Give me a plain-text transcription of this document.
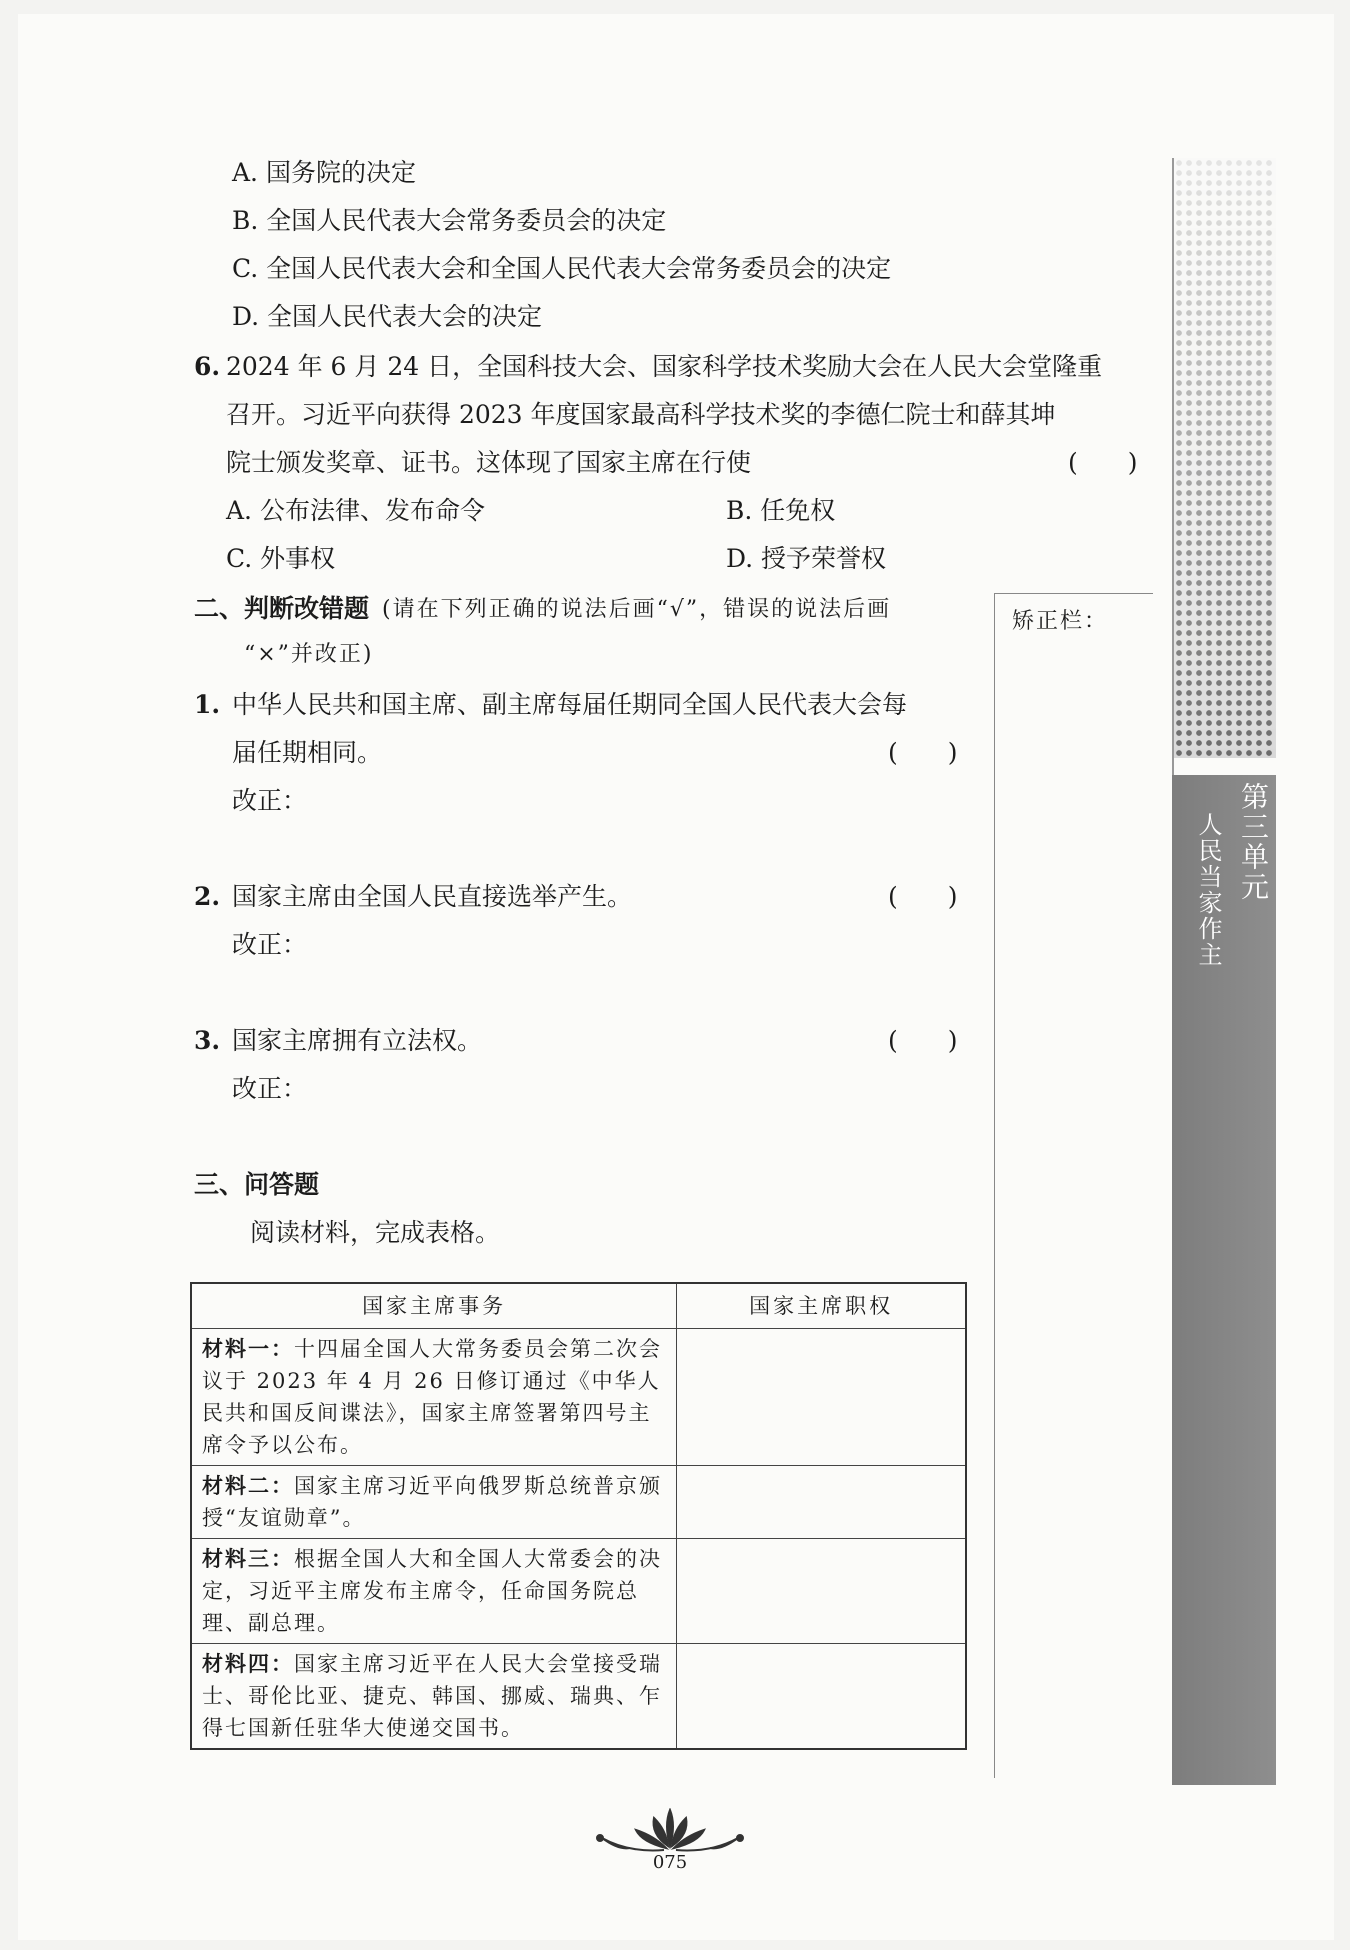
A. 国务院的决定
B. 全国人民代表大会常务委员会的决定
C. 全国人民代表大会和全国人民代表大会常务委员会的决定
D. 全国人民代表大会的决定
6. 2024 年 6 月 24 日，全国科技大会、国家科学技术奖励大会在人民大会堂隆重
召开。习近平向获得 2023 年度国家最高科学技术奖的李德仁院士和薛其坤
院士颁发奖章、证书。这体现了国家主席在行使	(　　)
A. 公布法律、发布命令	B. 任免权
C. 外事权	D. 授予荣誉权
二、判断改错题 (请在下列正确的说法后画“√”，错误的说法后画
“×”并改正)
矫正栏：
1. 中华人民共和国主席、副主席每届任期同全国人民代表大会每
届任期相同。	(　　)
改正：
2. 国家主席由全国人民直接选举产生。	(　　)
改正：
3. 国家主席拥有立法权。	(　　)
改正：
三、问答题
阅读材料，完成表格。
国家主席事务	国家主席职权
材料一：十四届全国人大常务委员会第二次会议于 2023 年 4 月 26 日修订通过《中华人民共和国反间谍法》，国家主席签署第四号主席令予以公布。	
材料二：国家主席习近平向俄罗斯总统普京颁授“友谊勋章”。	
材料三：根据全国人大和全国人大常委会的决定，习近平主席发布主席令，任命国务院总理、副总理。	
材料四：国家主席习近平在人民大会堂接受瑞士、哥伦比亚、捷克、韩国、挪威、瑞典、乍得七国新任驻华大使递交国书。	
第三单元
人民当家作主
075
